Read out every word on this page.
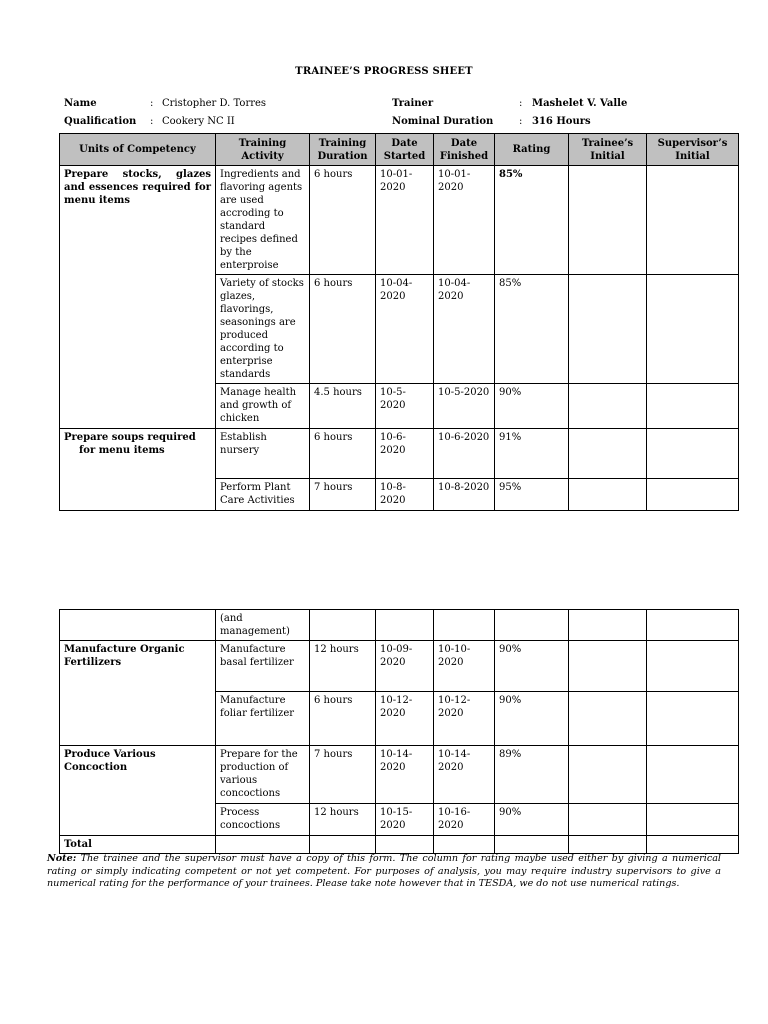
TRAINEE’S PROGRESS SHEET
Name	: Cristopher D. Torres
Qualification : Cookery NC II
Trainer	: Mashelet V. Valle
Nominal Duration	: 316 Hours
Units of Competency	Training Activity	Training Duration	Date Started	Date Finished	Rating	Trainee’s Initial	Supervisor’s Initial
Prepare stocks, glazes and essences required for menu items	Ingredients and flavoring agents are used accroding to standard recipes defined by the enterproise	6 hours	10-01-2020	10-01-2020	85%		
	Variety of stocks glazes, flavorings, seasonings are produced according to enterprise standards	6 hours	10-04-2020	10-04-2020	85%		
	Manage health and growth of chicken	4.5 hours	10-5-2020	10-5-2020	90%		

Prepare soups required
for menu items	Establish nursery	6 hours	10-6-2020	10-6-2020	91%		
	Perform Plant Care Activities	7 hours	10-8-2020	10-8-2020	95%		
	(and management)						

Manufacture Organic
Fertilizers	Manufacture basal fertilizer	12 hours	10-09-2020	10-10-2020	90%		
	Manufacture foliar fertilizer	6 hours	10-12-2020	10-12-2020	90%		

Produce Various Concoction	Prepare for the production of various concoctions	7 hours	10-14-2020	10-14-2020	89%		
	Process concoctions	12 hours	10-15-2020	10-16-2020	90%		
Total							
Note: The trainee and the supervisor must have a copy of this form. The column for rating maybe used either by giving a numerical rating or simply indicating competent or not yet competent. For purposes of analysis, you may require industry supervisors to give a numerical rating for the performance of your trainees. Please take note however that in TESDA, we do not use numerical ratings.
